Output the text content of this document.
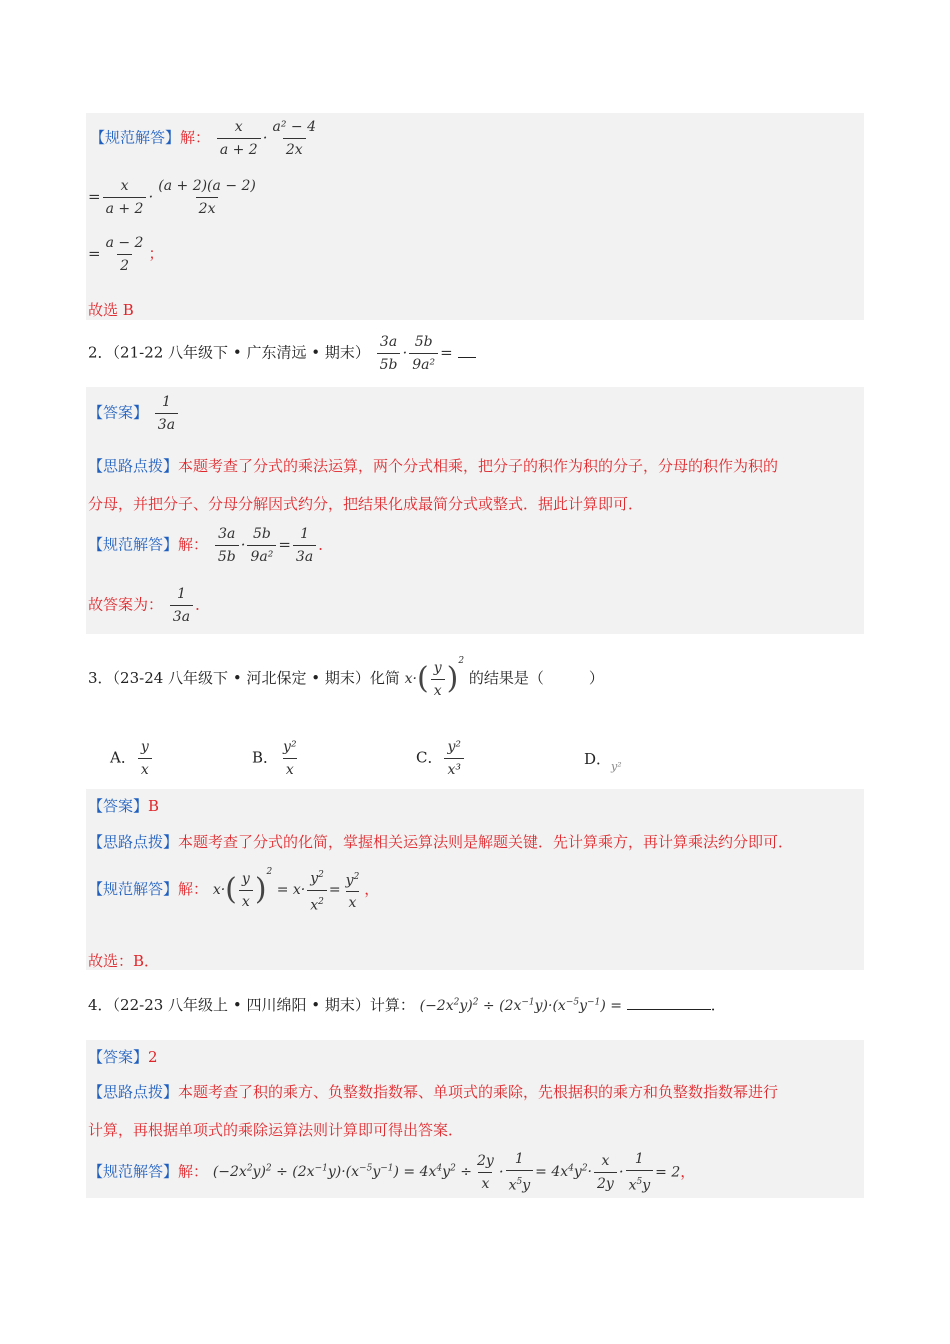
【规范解答】解： $\frac{x}{a + 2} \cdot \frac{\text{a² − 4}}{2x}$
= $\frac{x}{a + 2} \cdot \frac{(a + 2)(a - 2)}{2x}$
= $\frac{a - 2}{2}$ ；
故选 B
2．（21-22 八年级下 • 广东清远 • 期末） $\frac{3a}{5b} \cdot \frac{5b}{\text{9a²}}$ =
【答案】 $\frac{1}{3a}$
【思路点拨】本题考查了分式的乘法运算，两个分式相乘，把分子的积作为积的分子，分母的积作为积的
分母，并把分子、分母分解因式约分，把结果化成最简分式或整式．据此计算即可．
【规范解答】解： $\frac{3a}{5b} \cdot \frac{5b}{\text{9a²}} = \frac{1}{3a}$ ．
故答案为： $\frac{1}{3a}$ ．
3．（23-24 八年级下 • 河北保定 • 期末）化简 $x\cdot( \frac{y}{x} )^2$ 的结果是（　　　）
A． $\frac{y}{x}$	B． $\frac{\text{y²}}{x}$	C． $\frac{\text{y²}}{\text{x³}}$	D．$_{y^2}$
【答案】B
【思路点拨】本题考查了分式的化简，掌握相关运算法则是解题关键．先计算乘方，再计算乘法约分即可．
【规范解答】解： $x\cdot( \frac{y}{x} )^2 = x\cdot \frac{y^2}{x^2} = \frac{y^2}{x}$ ，
故选：B．
4．（22-23 八年级上 • 四川绵阳 • 期末）计算： $(-2x^2y)^2 \div (2x^{-1}y)\cdot(x^{-5}y^{-1})$ =	．
【答案】2
【思路点拨】本题考查了积的乘方、负整数指数幂、单项式的乘除，先根据积的乘方和负整数指数幂进行
计算，再根据单项式的乘除运算法则计算即可得出答案．
【规范解答】解： $(-2x^2y)^2 \div (2x^{-1}y)\cdot(x^{-5}y^{-1}) = 4x^4y^2 \div \frac{2y}{x} \cdot \frac{1}{x^5y} = 4x^4y^2\cdot \frac{x}{2y} \cdot \frac{1}{x^5y} = 2$，
